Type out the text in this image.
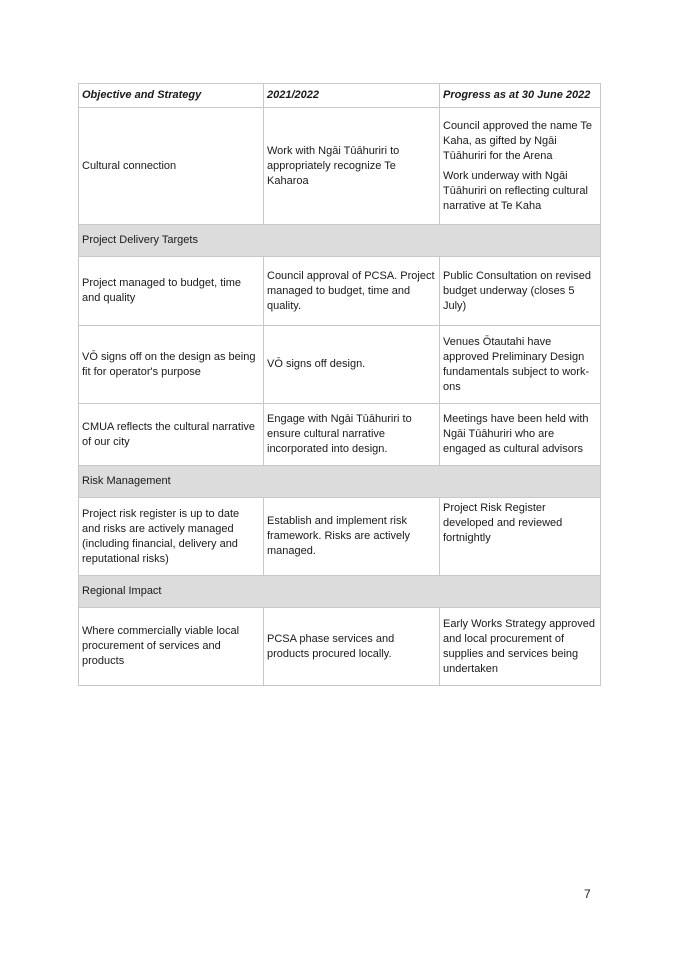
Objective and Strategy	2021/2022	Progress as at 30 June 2022
Cultural connection	Work with Ngāi Tūāhuriri to appropriately recognize Te Kaharoa	Council approved the name Te Kaha, as gifted by Ngāi Tūāhuriri for the Arena
Work underway with Ngāi Tūāhuriri on reflecting cultural narrative at Te Kaha

Project Delivery Targets		
Project managed to budget, time and quality	Council approval of PCSA. Project managed to budget, time and quality.	Public Consultation on revised budget underway (closes 5 July)
VŌ signs off on the design as being fit for operator's purpose	VŌ signs off design.	Venues Ōtautahi have approved Preliminary Design fundamentals subject to work-ons
CMUA reflects the cultural narrative of our city	Engage with Ngāi Tūāhuriri to ensure cultural narrative incorporated into design.	Meetings have been held with Ngāi Tūāhuriri who are engaged as cultural advisors
Risk Management		
Project risk register is up to date and risks are actively managed (including financial, delivery and reputational risks)	Establish and implement risk framework. Risks are actively managed.	Project Risk Register developed and reviewed fortnightly
Regional Impact		
Where commercially viable local procurement of services and products	PCSA phase services and products procured locally.	Early Works Strategy approved and local procurement of supplies and services being undertaken
7
